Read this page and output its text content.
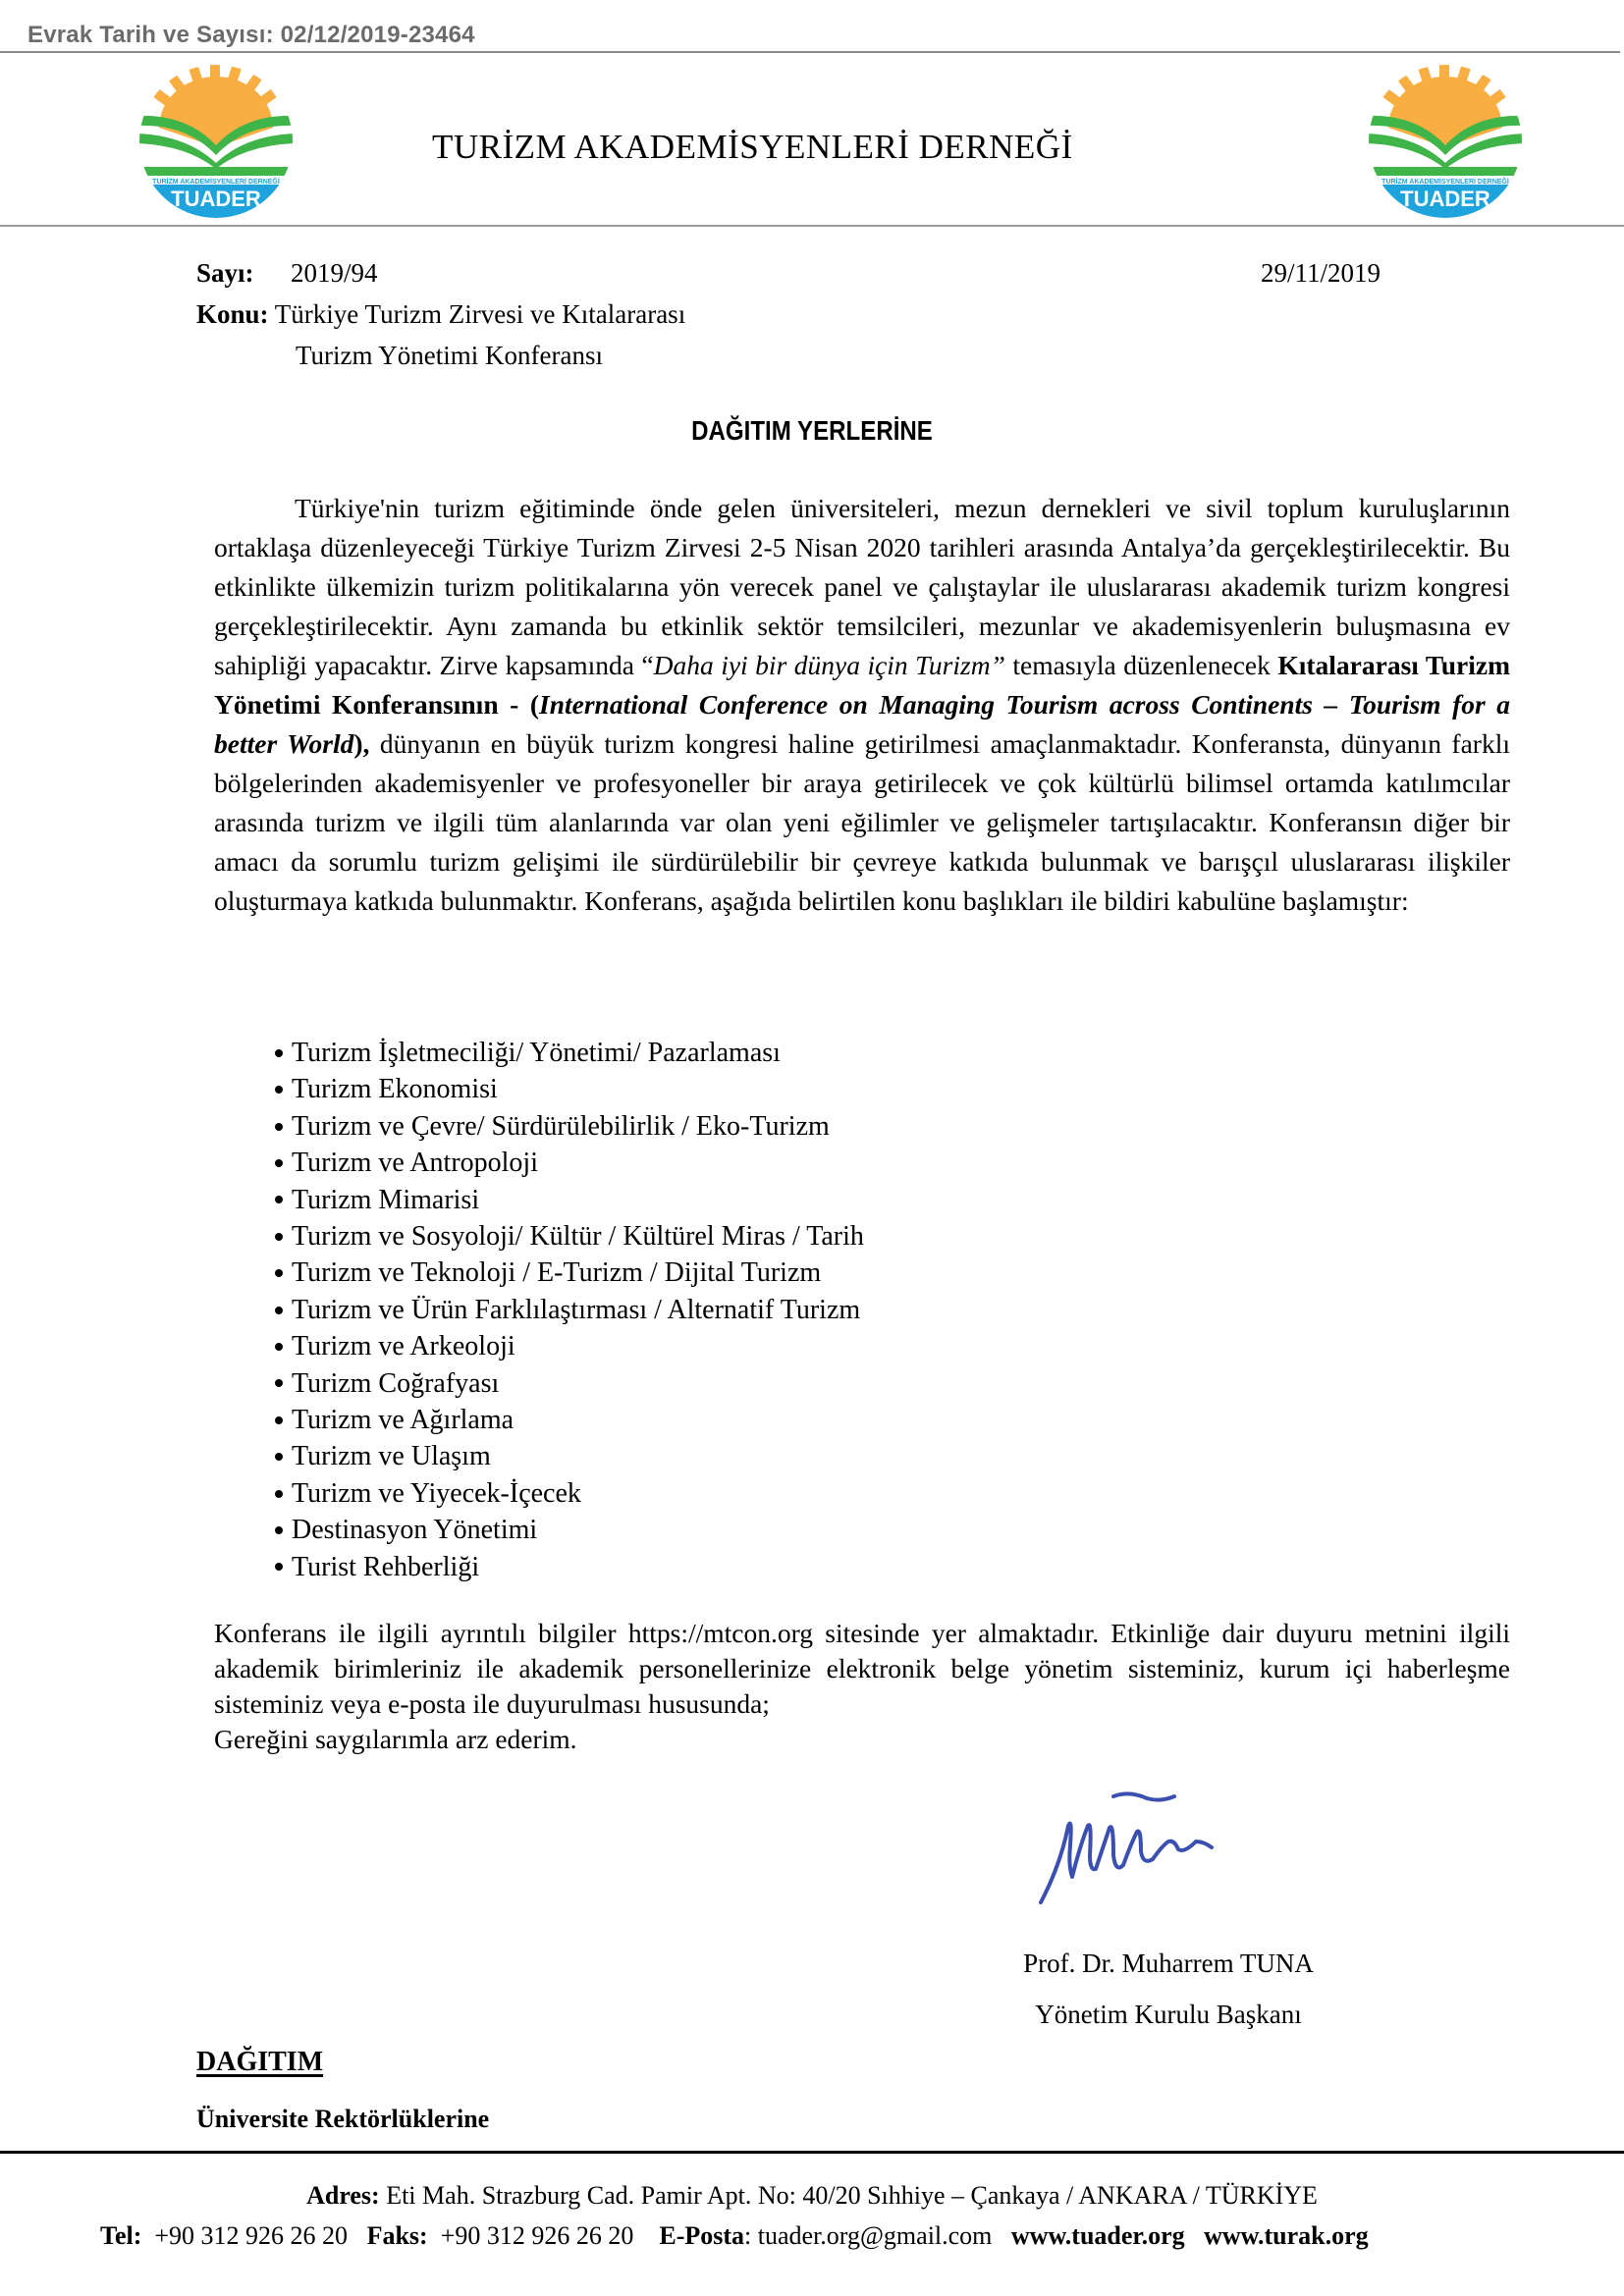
Evrak Tarih ve Sayısı: 02/12/2019-23464
TURİZM AKADEMİSYENLERİ DERNEĞİ
TUADER
TURİZM AKADEMİSYENLERİ DERNEĞİ
TURİZM AKADEMİSYENLERİ DERNEĞİ
TUADER
Sayı: 2019/94	29/11/2019
Konu: Türkiye Turizm Zirvesi ve Kıtalararası
Turizm Yönetimi Konferansı
DAĞITIM YERLERİNE
Türkiye'nin turizm eğitiminde önde gelen üniversiteleri, mezun dernekleri ve sivil toplum kuruluşlarının ortaklaşa düzenleyeceği Türkiye Turizm Zirvesi 2-5 Nisan 2020 tarihleri arasında Antalya’da gerçekleştirilecektir. Bu etkinlikte ülkemizin turizm politikalarına yön verecek panel ve çalıştaylar ile uluslararası akademik turizm kongresi gerçekleştirilecektir. Aynı zamanda bu etkinlik sektör temsilcileri, mezunlar ve akademisyenlerin buluşmasına ev sahipliği yapacaktır. Zirve kapsamında “Daha iyi bir dünya için Turizm” temasıyla düzenlenecek Kıtalararası Turizm Yönetimi Konferansının - (International Conference on Managing Tourism across Continents – Tourism for a better World), dünyanın en büyük turizm kongresi haline getirilmesi amaçlanmaktadır. Konferansta, dünyanın farklı bölgelerinden akademisyenler ve profesyoneller bir araya getirilecek ve çok kültürlü bilimsel ortamda katılımcılar arasında turizm ve ilgili tüm alanlarında var olan yeni eğilimler ve gelişmeler tartışılacaktır. Konferansın diğer bir amacı da sorumlu turizm gelişimi ile sürdürülebilir bir çevreye katkıda bulunmak ve barışçıl uluslararası ilişkiler oluşturmaya katkıda bulunmaktır. Konferans, aşağıda belirtilen konu başlıkları ile bildiri kabulüne başlamıştır:
Turizm İşletmeciliği/ Yönetimi/ Pazarlaması
Turizm Ekonomisi
Turizm ve Çevre/ Sürdürülebilirlik / Eko-Turizm
Turizm ve Antropoloji
Turizm Mimarisi
Turizm ve Sosyoloji/ Kültür / Kültürel Miras / Tarih
Turizm ve Teknoloji / E-Turizm / Dijital Turizm
Turizm ve Ürün Farklılaştırması / Alternatif Turizm
Turizm ve Arkeoloji
Turizm Coğrafyası
Turizm ve Ağırlama
Turizm ve Ulaşım
Turizm ve Yiyecek-İçecek
Destinasyon Yönetimi
Turist Rehberliği
Konferans ile ilgili ayrıntılı bilgiler https://mtcon.org sitesinde yer almaktadır. Etkinliğe dair duyuru metnini ilgili akademik birimleriniz ile akademik personellerinize elektronik belge yönetim sisteminiz, kurum içi haberleşme sisteminiz veya e-posta ile duyurulması hususunda;
Gereğini saygılarımla arz ederim.
Prof. Dr. Muharrem TUNA
Yönetim Kurulu Başkanı
DAĞITIM
Üniversite Rektörlüklerine
Adres: Eti Mah. Strazburg Cad. Pamir Apt. No: 40/20 Sıhhiye – Çankaya / ANKARA / TÜRKİYE
Tel: +90 312 926 26 20 Faks: +90 312 926 26 20 E-Posta: tuader.org@gmail.com www.tuader.org www.turak.org
